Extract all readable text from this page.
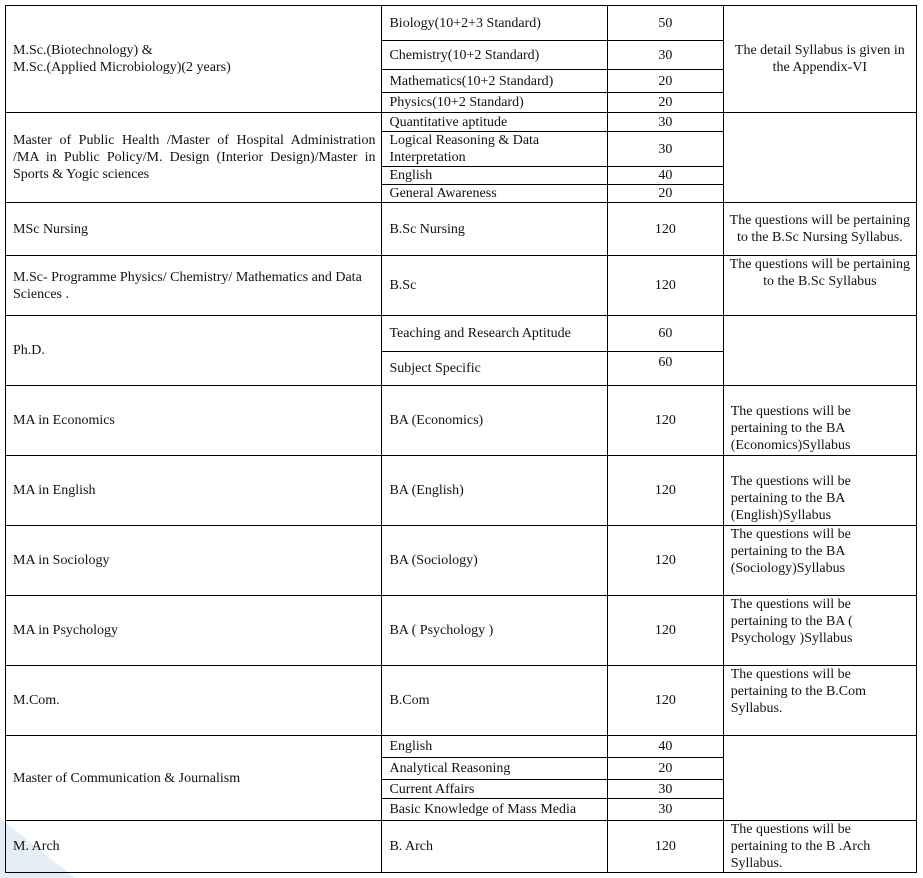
M.Sc.(Biotechnology) &
M.Sc.(Applied Microbiology)(2 years)	Biology(10+2+3 Standard)	50	The detail Syllabus is given in the Appendix-VI
	Chemistry(10+2 Standard)	30	
	Mathematics(10+2 Standard)	20	
	Physics(10+2 Standard)	20	
Master of Public Health /Master of Hospital Administration /MA in Public Policy/M. Design (Interior Design)/Master in Sports & Yogic sciences	Quantitative aptitude	30	
	Logical Reasoning & Data Interpretation	30	
	English	40	
	General Awareness	20	
MSc Nursing	B.Sc Nursing	120	The questions will be pertaining to the B.Sc Nursing Syllabus.
M.Sc- Programme Physics/ Chemistry/ Mathematics and Data Sciences .	B.Sc	120	The questions will be pertaining to the B.Sc Syllabus
Ph.D.	Teaching and Research Aptitude	60	
	Subject Specific	60	
MA in Economics	BA (Economics)	120	The questions will be pertaining to the BA (Economics)Syllabus
MA in English	BA (English)	120	The questions will be pertaining to the BA (English)Syllabus
MA in Sociology	BA (Sociology)	120	The questions will be pertaining to the BA (Sociology)Syllabus
MA in Psychology	BA ( Psychology )	120	The questions will be pertaining to the BA ( Psychology )Syllabus
M.Com.	B.Com	120	The questions will be pertaining to the B.Com Syllabus.
Master of Communication & Journalism	English	40	
	Analytical Reasoning	20	
	Current Affairs	30	
	Basic Knowledge of Mass Media	30	
M. Arch	B. Arch	120	The questions will be pertaining to the B .Arch Syllabus.
